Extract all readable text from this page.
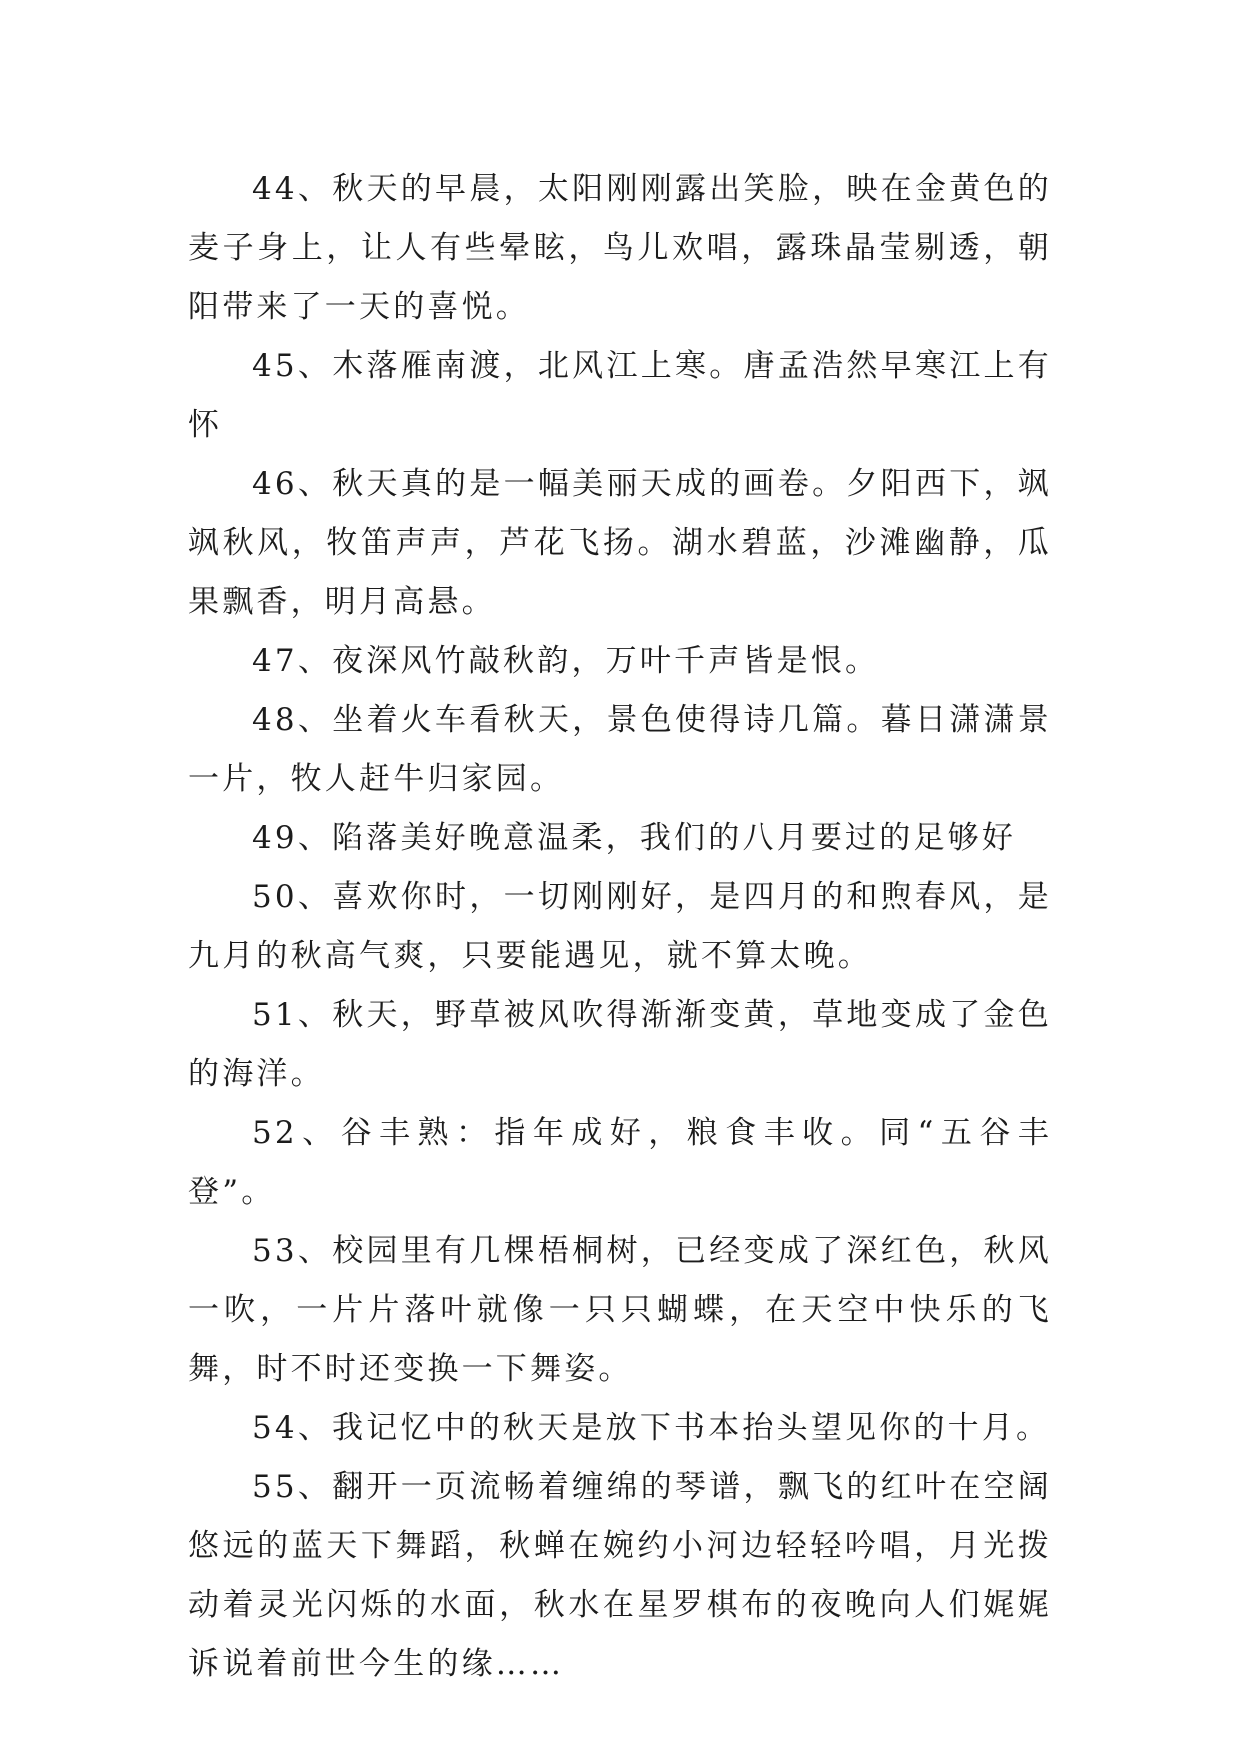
44、秋天的早晨，太阳刚刚露出笑脸，映在金黄色的麦子身上，让人有些晕眩，鸟儿欢唱，露珠晶莹剔透，朝阳带来了一天的喜悦。

45、木落雁南渡，北风江上寒。唐孟浩然早寒江上有怀

46、秋天真的是一幅美丽天成的画卷。夕阳西下，飒飒秋风，牧笛声声，芦花飞扬。湖水碧蓝，沙滩幽静，瓜果飘香，明月高悬。

47、夜深风竹敲秋韵，万叶千声皆是恨。

48、坐着火车看秋天，景色使得诗几篇。暮日潇潇景一片，牧人赶牛归家园。

49、陷落美好晚意温柔，我们的八月要过的足够好

50、喜欢你时，一切刚刚好，是四月的和煦春风，是九月的秋高气爽，只要能遇见，就不算太晚。

51、秋天，野草被风吹得渐渐变黄，草地变成了金色的海洋。

52、谷丰熟：指年成好，粮食丰收。同“五谷丰登”。

53、校园里有几棵梧桐树，已经变成了深红色，秋风一吹，一片片落叶就像一只只蝴蝶，在天空中快乐的飞舞，时不时还变换一下舞姿。

54、我记忆中的秋天是放下书本抬头望见你的十月。

55、翻开一页流畅着缠绵的琴谱，飘飞的红叶在空阔悠远的蓝天下舞蹈，秋蝉在婉约小河边轻轻吟唱，月光拨动着灵光闪烁的水面，秋水在星罗棋布的夜晚向人们娓娓诉说着前世今生的缘……
